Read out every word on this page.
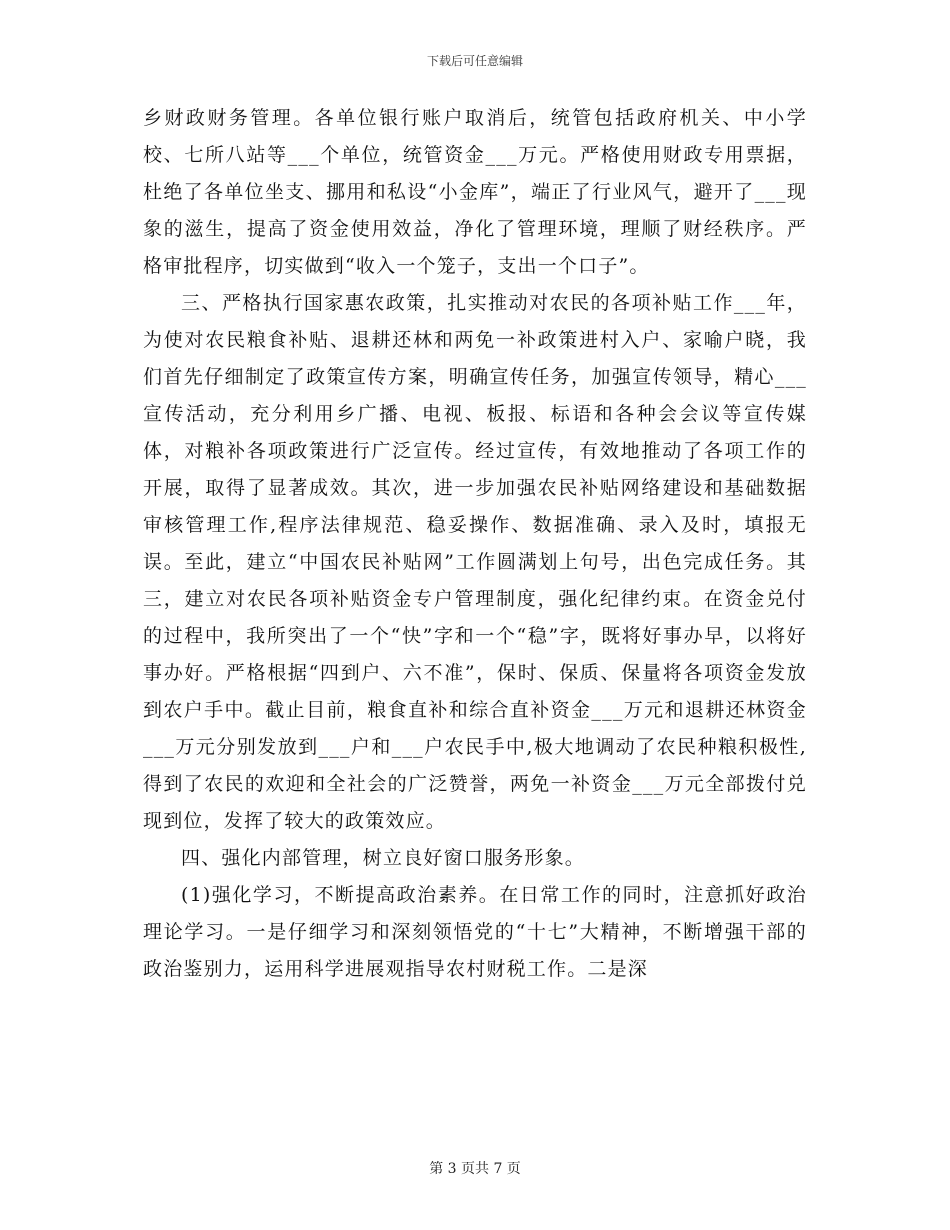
下载后可任意编辑

乡财政财务管理。各单位银行账户取消后，统管包括政府机关、中小学校、七所八站等___个单位，统管资金___万元。严格使用财政专用票据，杜绝了各单位坐支、挪用和私设“小金库”，端正了行业风气，避开了___现象的滋生，提高了资金使用效益，净化了管理环境，理顺了财经秩序。严格审批程序，切实做到“收入一个笼子，支出一个口子”。

三、严格执行国家惠农政策，扎实推动对农民的各项补贴工作___年，为使对农民粮食补贴、退耕还林和两免一补政策进村入户、家喻户晓，我们首先仔细制定了政策宣传方案，明确宣传任务，加强宣传领导，精心___宣传活动，充分利用乡广播、电视、板报、标语和各种会会议等宣传媒体，对粮补各项政策进行广泛宣传。经过宣传，有效地推动了各项工作的开展，取得了显著成效。其次，进一步加强农民补贴网络建设和基础数据审核管理工作,程序法律规范、稳妥操作、数据准确、录入及时，填报无误。至此，建立“中国农民补贴网”工作圆满划上句号，出色完成任务。其三，建立对农民各项补贴资金专户管理制度，强化纪律约束。在资金兑付的过程中，我所突出了一个“快”字和一个“稳”字，既将好事办早，以将好事办好。严格根据“四到户、六不准”，保时、保质、保量将各项资金发放到农户手中。截止目前，粮食直补和综合直补资金___万元和退耕还林资金___万元分别发放到___户和___户农民手中,极大地调动了农民种粮积极性,得到了农民的欢迎和全社会的广泛赞誉，两免一补资金___万元全部拨付兑现到位，发挥了较大的政策效应。

四、强化内部管理，树立良好窗口服务形象。

(1)强化学习，不断提高政治素养。在日常工作的同时，注意抓好政治理论学习。一是仔细学习和深刻领悟党的“十七”大精神，不断增强干部的政治鉴别力，运用科学进展观指导农村财税工作。二是深

第 3 页共 7 页
